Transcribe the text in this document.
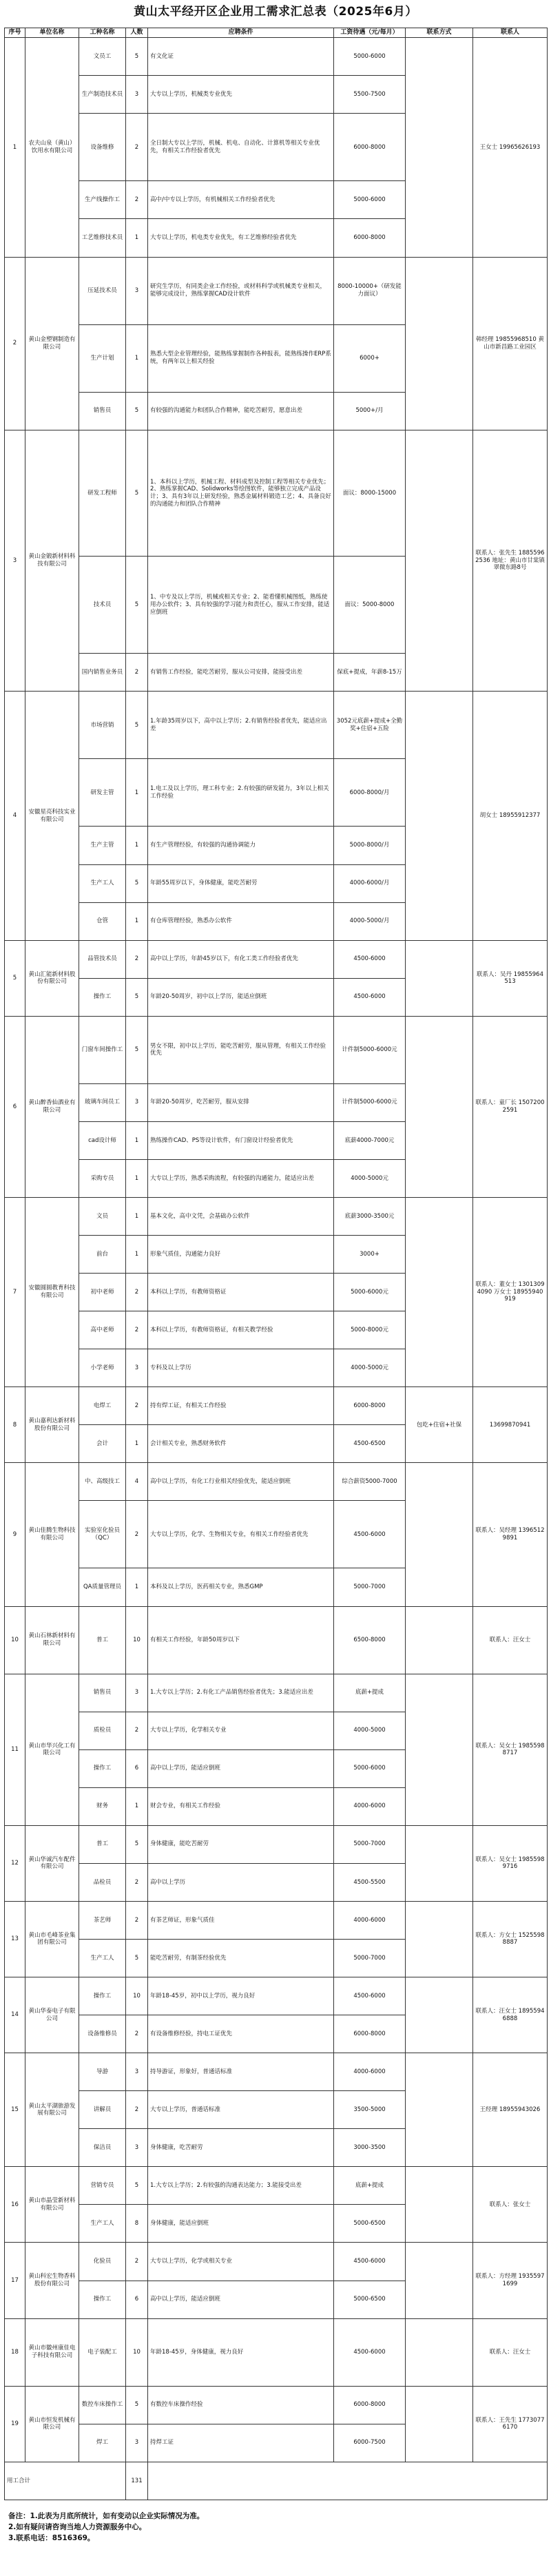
黄山太平经开区企业用工需求汇总表（2025年6月）
序号	单位名称	工种名称	人数	应聘条件	工资待遇（元/每月）	联系方式	联系人
1	农夫山泉（黄山）饮用水有限公司	文员工	5	有文化证	5000-6000		王女士 19965626193
		生产制造技术员	3	大专以上学历，机械类专业优先	5500-7500		
		设备维修	2	全日制大专以上学历，机械、机电、自动化、计算机等相关专业优先，有相关工作经验者优先	6000-8000		
		生产线操作工	2	高中/中专以上学历，有机械相关工作经验者优先	5000-6000		
		工艺维修技术员	1	大专以上学历，机电类专业优先，有工艺维修经验者优先	6000-8000		
2	黄山金塑钢制造有限公司	压延技术员	3	研究生学历，有同类企业工作经验，或材料科学或机械类专业相关，能够完成设计，熟练掌握CAD设计软件	8000-10000+（研发能力面议）		韩经理 19855968510 黄山市新昌路工业园区
		生产计划	1	熟悉大型企业管理经验，能熟练掌握制作各种报表，能熟练操作ERP系统，有两年以上相关经验	6000+		
		销售员	5	有较强的沟通能力和团队合作精神，能吃苦耐劳，愿意出差	5000+/月		
3	黄山金锻新材料科技有限公司	研发工程师	5	1、本科以上学历，机械工程、材料成型及控制工程等相关专业优先；2、熟练掌握CAD、Solidworks等绘图软件，能够独立完成产品设计；3、具有3年以上研发经验，熟悉金属材料锻造工艺；4、具备良好的沟通能力和团队合作精神	面议：8000-15000		联系人：张先生 18855962536 地址：黄山市甘棠镇翠微东路8号
		技术员	5	1、中专及以上学历，机械或相关专业；2、能看懂机械图纸，熟练使用办公软件；3、具有较强的学习能力和责任心，服从工作安排，能适应倒班	面议：5000-8000		
		国内销售业务员	2	有销售工作经验，能吃苦耐劳，服从公司安排，能接受出差	保底+提成，年薪8-15万		
4	安徽星亮科技实业有限公司	市场营销	5	1.年龄35周岁以下，高中以上学历；2.有销售经验者优先，能适应出差	3052元底薪+提成+全勤奖+住宿+五险		胡女士 18955912377
		研发主管	1	1.电工及以上学历，理工科专业；2.有较强的研发能力，3年以上相关工作经验	6000-8000/月		
		生产主管	1	有生产管理经验，有较强的沟通协调能力	5000-8000/月		
		生产工人	5	年龄55周岁以下，身体健康，能吃苦耐劳	4000-6000/月		
		仓管	1	有仓库管理经验，熟悉办公软件	4000-5000/月		
5	黄山汇能新材料股份有限公司	品管技术员	2	高中以上学历，年龄45岁以下，有化工类工作经验者优先	4500-6000		联系人：吴丹 19855964513
		操作工	5	年龄20-50周岁，初中以上学历，能适应倒班	4500-6000		
6	黄山醉香仙酒业有限公司	门窗车间操作工	5	男女不限，初中以上学历，能吃苦耐劳，服从管理，有相关工作经验优先	计件制5000-6000元		联系人：童厂长 15072002591
		玻璃车间员工	3	年龄20-50周岁，吃苦耐劳，服从安排	计件制5000-6000元		
		cad设计师	1	熟练操作CAD、PS等设计软件，有门窗设计经验者优先	底薪4000-7000元		
		采购专员	1	大专以上学历，熟悉采购流程，有较强的沟通能力，能适应出差	4000-5000元		
7	安徽圆圆教育科技有限公司	文员	1	基本文化，高中文凭，会基础办公软件	底薪3000-3500元		联系人：董女士 13013094090 万女士 18955940919
		前台	1	形象气质佳，沟通能力良好	3000+		
		初中老师	2	本科以上学历，有教师资格证	5000-6000元		
		高中老师	2	本科以上学历，有教师资格证，有相关教学经验	5000-8000元		
		小学老师	3	专科及以上学历	4000-5000元		
8	黄山嘉利达新材料股份有限公司	电焊工	2	持有焊工证，有相关工作经验	6000-8000	包吃+住宿+社保	13699870941
		会计	1	会计相关专业，熟悉财务软件	4500-6500		
9	黄山佳腾生物科技有限公司	中、高级技工	4	高中以上学历，有化工行业相关经验优先，能适应倒班	综合薪资5000-7000		联系人：吴经理 13965129891
		实验室化验员（QC）	2	大专以上学历，化学、生物相关专业，有相关工作经验者优先	4500-6000		
		QA质量管理员	1	本科及以上学历，医药相关专业，熟悉GMP	5000-7000		
10	黄山石林新材料有限公司	普工	10	有相关工作经验，年龄50周岁以下	6500-8000		联系人：汪女士
11	黄山市华兴化工有限公司	销售员	3	1.大专以上学历；2.有化工产品销售经验者优先；3.能适应出差	底薪+提成		联系人：吴女士 19855988717
		质检员	2	大专以上学历，化学相关专业	4000-5000		
		操作工	6	高中以上学历，能适应倒班	5000-6000		
		财务	1	财会专业，有相关工作经验	4000-6000		
12	黄山华诚汽车配件有限公司	普工	5	身体健康，能吃苦耐劳	5000-7000		联系人：吴女士 19855989716
		品检员	2	高中以上学历	4500-5500		
13	黄山市毛峰茶业集团有限公司	茶艺师	2	有茶艺师证，形象气质佳	4000-6000		联系人：方女士 15255988887
		生产工人	5	能吃苦耐劳，有制茶经验优先	5000-7000		
14	黄山华泰电子有限公司	操作工	10	年龄18-45岁，初中以上学历，视力良好	4500-6000		联系人：汪女士 18955946888
		设备维修员	2	有设备维修经验，持电工证优先	6000-8000		
15	黄山太平湖旅游发展有限公司	导游	3	持导游证，形象好，普通话标准	4000-6000		王经理 18955943026
		讲解员	2	大专以上学历，普通话标准	3500-5000		
		保洁员	3	身体健康，吃苦耐劳	3000-3500		
16	黄山市晶莹新材料有限公司	营销专员	5	1.大专以上学历；2.有较强的沟通表达能力；3.能接受出差	底薪+提成		联系人：张女士
		生产工人	8	身体健康，能适应倒班	5000-6500		
17	黄山科宏生物香料股份有限公司	化验员	2	大专以上学历，化学或相关专业	4500-6000		联系人：方经理 19355971699
		操作工	6	高中以上学历，能适应倒班	5000-6500		
18	黄山市徽州康佳电子科技有限公司	电子装配工	10	年龄18-45岁，身体健康，视力良好	4500-6000		联系人：汪女士
19	黄山市恒发机械有限公司	数控车床操作工	5	有数控车床操作经验	6000-8000		联系人：王先生 17730776170
		焊工	3	持焊工证	6000-7500		
用工合计			131				
备注：1.此表为月底所统计，如有变动以企业实际情况为准。
2.如有疑问请咨询当地人力资源服务中心。
3.联系电话：8516369。
